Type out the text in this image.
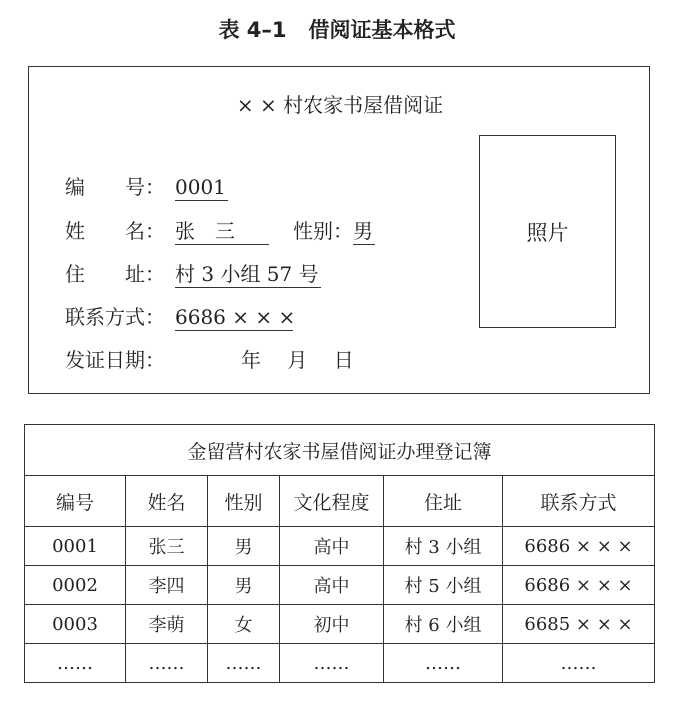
表 4–1 借阅证基本格式
× × 村农家书屋借阅证
照片
编　　号： 0001
姓　　名： 张　三　　性别：男
住　　址： 村 3 小组 57 号
联系方式： 6686 × × ×
发证日期：	年　 月 　日
金留营村农家书屋借阅证办理登记簿					
编号	姓名	性别	文化程度	住址	联系方式
0001	张三	男	高中	村 3 小组	6686 × × ×
0002	李四	男	高中	村 5 小组	6686 × × ×
0003	李萌	女	初中	村 6 小组	6685 × × ×
……	……	……	……	……	……
